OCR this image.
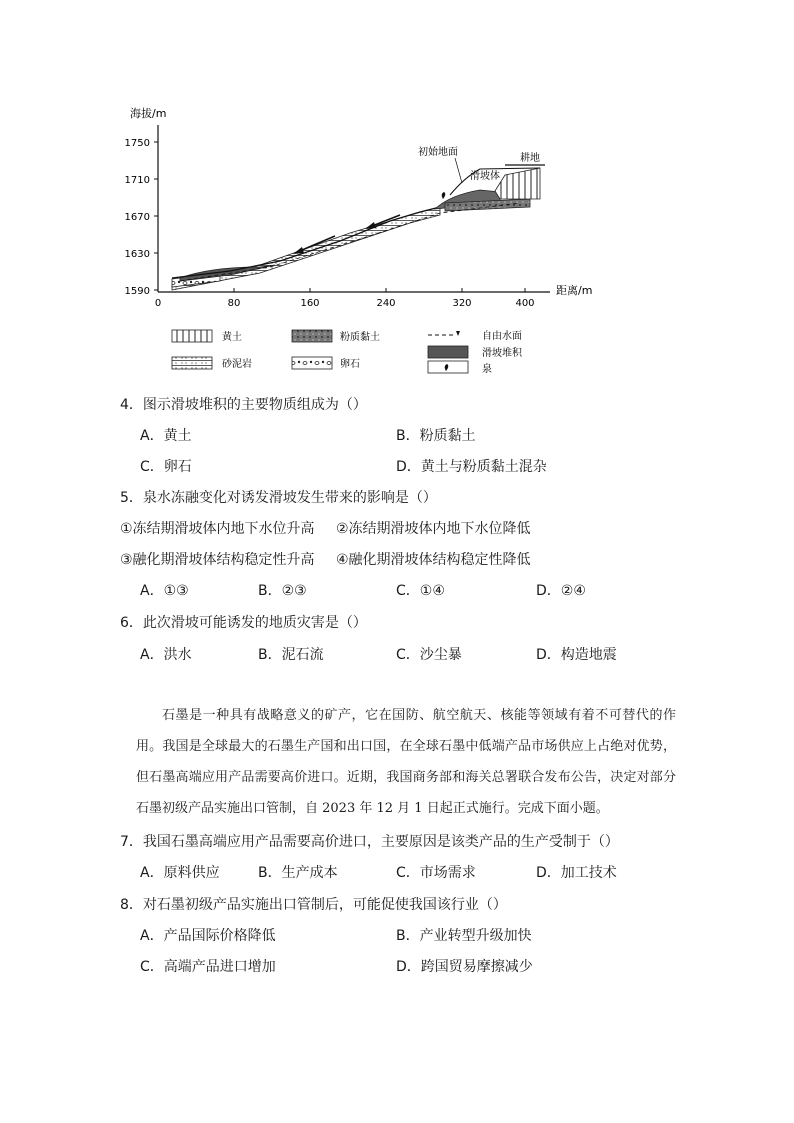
海拔/m
距离/m
1750
1710
1670
1630
1590
0	80	160	240	320	400
初始地面
滑坡体
耕地
黄土	粉质黏土	自由水面
滑坡堆积
砂泥岩	卵石	泉
4．图示滑坡堆积的主要物质组成为（）
A．黄土	B．粉质黏土
C．卵石	D．黄土与粉质黏土混杂
5．泉水冻融变化对诱发滑坡发生带来的影响是（）
①冻结期滑坡体内地下水位升高 ②冻结期滑坡体内地下水位降低
③融化期滑坡体结构稳定性升高 ④融化期滑坡体结构稳定性降低
A．①③	B．②③	C．①④	D．②④
6．此次滑坡可能诱发的地质灾害是（）
A．洪水	B．泥石流	C．沙尘暴	D．构造地震

石墨是一种具有战略意义的矿产，它在国防、航空航天、核能等领域有着不可替代的作用。我国是全球最大的石墨生产国和出口国，在全球石墨中低端产品市场供应上占绝对优势，但石墨高端应用产品需要高价进口。近期，我国商务部和海关总署联合发布公告，决定对部分石墨初级产品实施出口管制，自 2023 年 12 月 1 日起正式施行。完成下面小题。

7．我国石墨高端应用产品需要高价进口，主要原因是该类产品的生产受制于（）
A．原料供应	B．生产成本	C．市场需求	D．加工技术
8．对石墨初级产品实施出口管制后，可能促使我国该行业（）
A．产品国际价格降低	B．产业转型升级加快
C．高端产品进口增加	D．跨国贸易摩擦减少
